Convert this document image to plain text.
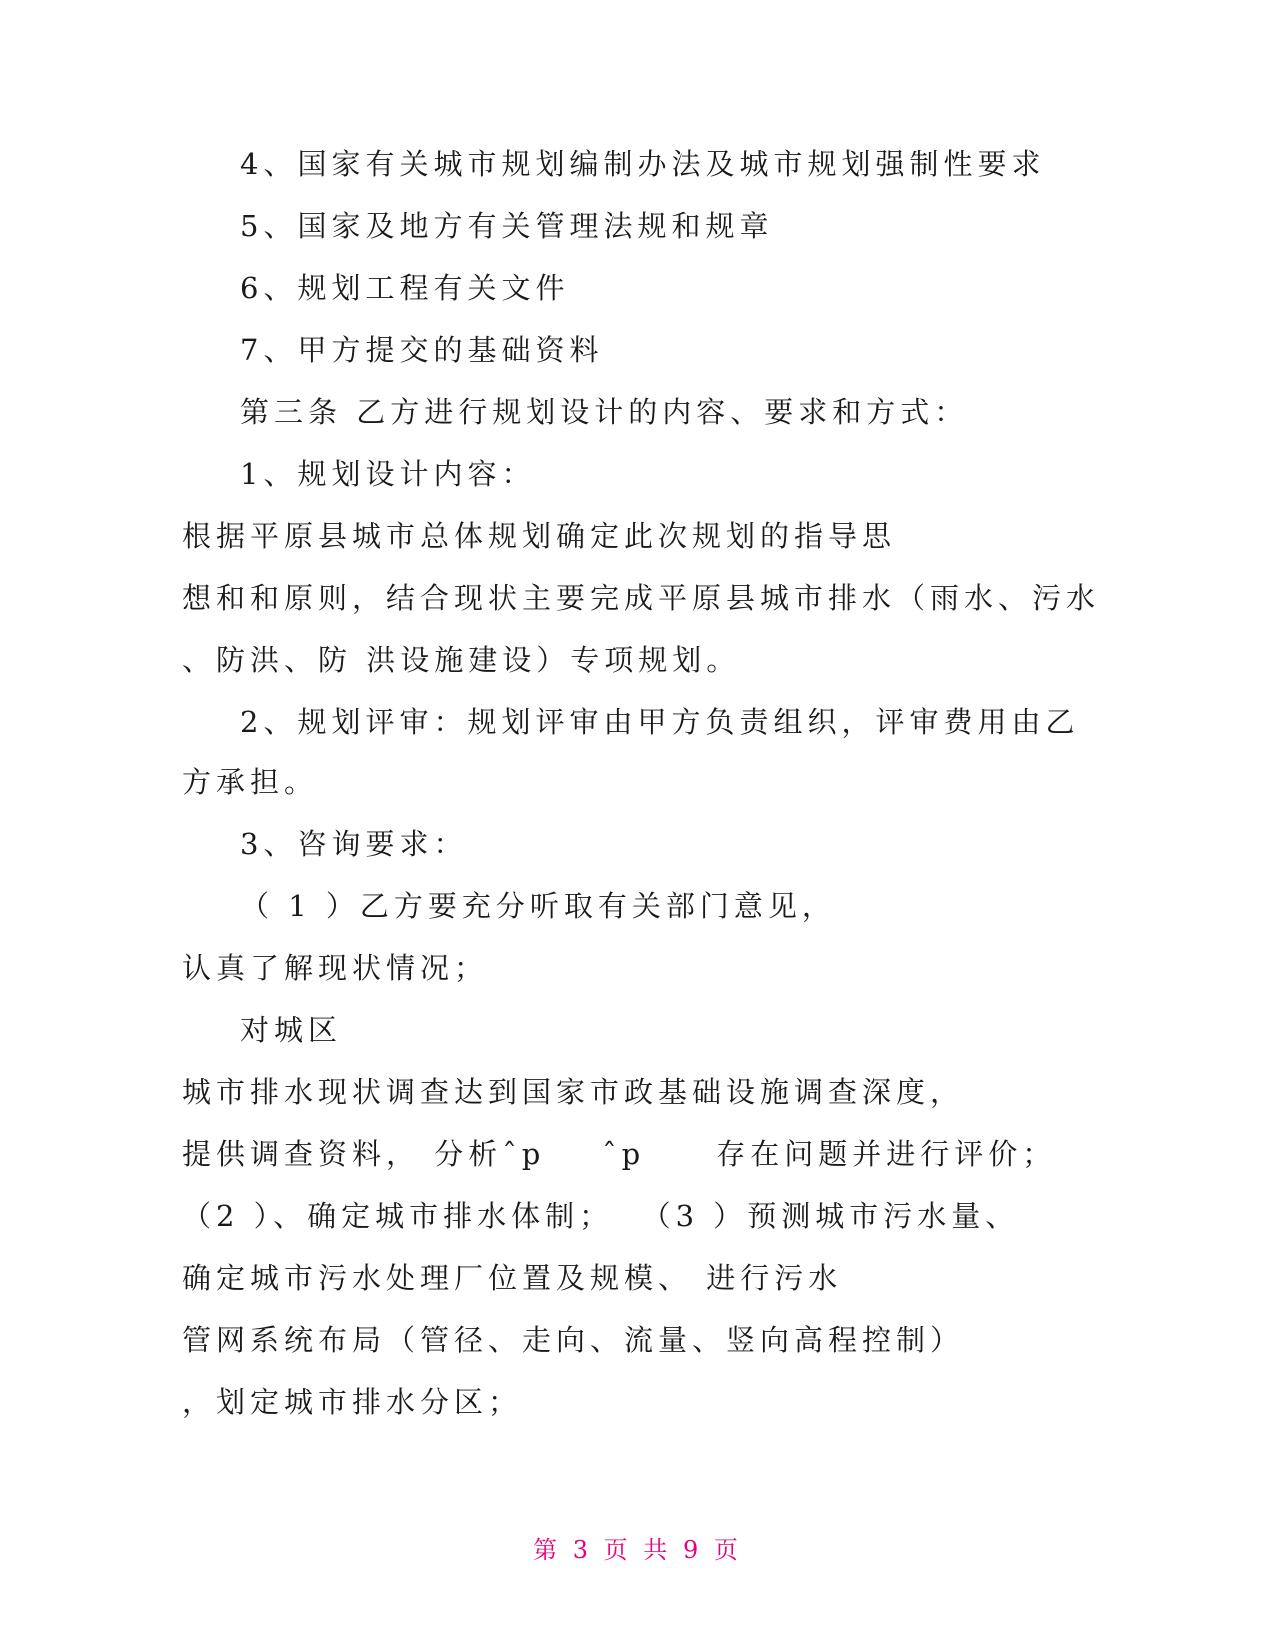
4、国家有关城市规划编制办法及城市规划强制性要求
5、国家及地方有关管理法规和规章
6、规划工程有关文件
7、甲方提交的基础资料
第三条 乙方进行规划设计的内容、要求和方式：
1、规划设计内容：
根据平原县城市总体规划确定此次规划的指导思
想和和原则，结合现状主要完成平原县城市排水（雨水、污水
、防洪、防 洪设施建设）专项规划。
2、规划评审：规划评审由甲方负责组织，评审费用由乙
方承担。
3、咨询要求：
（ 1 ）乙方要充分听取有关部门意见，
认真了解现状情况；
对城区
城市排水现状调查达到国家市政基础设施调查深度，
提供调查资料， 分析ˆp    ˆp     存在问题并进行评价；
（2 ）、确定城市排水体制；  （3 ）预测城市污水量、
确定城市污水处理厂位置及规模、 进行污水
管网系统布局（管径、走向、流量、竖向高程控制）
，划定城市排水分区；
第 3 页 共 9 页
